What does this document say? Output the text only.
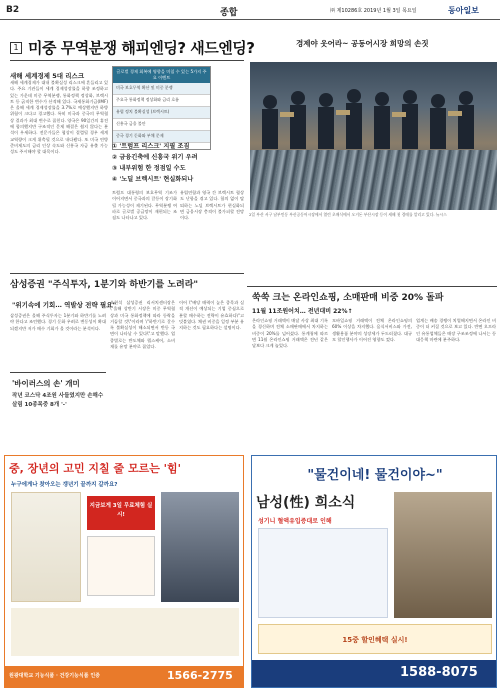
B2	종합	㈜ 제10286호 2019년 1월 3일 목요일	동아일보
1 미중 무역분쟁 해피엔딩? 새드엔딩?
새해 세계경제 5대 리스크
새해 세계경제가 대내 불확실성 리스크에 흔들리고 있다. 주요 기관들이 세계 경제성장률을 하향 조정하고 있는 가운데 미중 무역분쟁, 통화정책 정상화, 브렉시트 등 굵직한 변수가 산적해 있다. 국제통화기금(IMF)은 올해 세계 경제성장률을 3.7%로 예상했지만 하방 위험이 크다고 경고했다. 특히 미국과 중국의 무역협상 결과가 최대 변수로 꼽힌다. 양국은 90일간의 휴전에 합의했지만 구조적인 문제 해결은 쉽지 않다는 분석이 우세하다. 전문가들은 협상이 결렬될 경우 세계 교역량이 크게 위축될 것으로 내다봤다. 또 미국 연방준비제도의 금리 인상 속도와 신흥국 자금 유출 가능성도 주시해야 할 대목이다.
글로벌 경제 회복에 영향을 미칠 수 있는 5가지 주요 이벤트
미국 보호무역 확산 및 미중 분쟁
주요국 통화정책 정상화와 금리 흐름
유럽 정치 불확실성 (브렉시트)
신흥국 금융 불안
중국 경기 둔화와 부채 문제
① '트럼프 리스크' 지필 조짐
② 금융긴축에 신흥국 위기 우려
③ 내부위험 한 정점일 수도
④ '노딜 브렉시트' 현실화되나
트럼프 대통령의 보호무역 기조가 이어지면서 중국과의 갈등이 장기화될 가능성이 제기된다. 무역분쟁 여파로 글로벌 공급망이 재편되는 조짐도 나타나고 있다.
유럽연합과 영국 간 브렉시트 협상도 난항을 겪고 있다. 합의 없이 탈퇴하는 노딜 브렉시트가 현실화되면 금융시장 충격이 불가피할 전망이다.
경제야 웃어라~ 공동어시장 희망의 손짓
2일 부산 서구 남부민동 부산공동어시장에서 열린 초매식에서 오거돈 부산시장 등이 새해 첫 경매를 알리고 있다. 뉴시스
삼성증권 "주식투자, 1분기와 하반기를 노려라"
"위기속에 기회… 역발상 전략 필요"
삼성증권은 올해 주식투자는 1분기와 하반기를 노려야 한다고 조언했다. 경기 둔화 우려로 변동성이 확대되겠지만 저가 매수 기회가 올 것이라는 분석이다.
오현석 삼성증권 리서치센터장은 \"올해 상반기 시장은 미중 무역협상과 미국 통화정책에 따라 등락을 거듭할 것\"이라며 \"하반기로 갈수록 불확실성이 해소되면서 반등 국면이 나타날 수 있다\"고 말했다. 업종별로는 반도체와 헬스케어, 소비재를 유망 분야로 꼽았다.
이어 \"배당 매력이 높은 종목과 실적 개선이 예상되는 기업 중심으로 분할 매수하는 전략이 유효하다\"고 덧붙였다. 채권 비중을 일정 부분 유지하는 것도 필요하다는 설명이다.
'바이러스의 손' 개미
작년 코스닥 4조원 사들였지만 손해수 살림 10종목중 8개 '-'
쑥쑥 크는 온라인쇼핑, 소매판매 비중 20% 돌파
11월 11조원어치… 전년대비 22%↑
온라인쇼핑 거래액이 매달 사상 최대 기록을 경신하며 전체 소매판매에서 차지하는 비중이 20%를 넘어섰다. 통계청에 따르면 11월 온라인쇼핑 거래액은 전년 같은 달보다 크게 늘었다.
모바일쇼핑 거래액이 전체 온라인쇼핑의 60% 이상을 차지했다. 음식서비스와 가전, 생활용품 분야의 성장세가 두드러졌다. 대규모 할인행사가 이어진 영향도 컸다.
업계는 배송 경쟁이 치열해지면서 온라인 비중이 더 커질 것으로 보고 있다. 반면 오프라인 유통업체들은 매장 구조조정에 나서는 등 대응책 마련에 분주하다.
중, 장년의 고민 지칠 줄 모르는 '힘'
누구에게나 찾아오는 갱년기 끝까지 갈까요?
지금보게 3일 무료체험 실시!
원광대학교 기능식품 · 건강기능식품 인증	1566-2775
"물건이네! 물건이야~"
남성(性) 희소식
성기니 혈액유입증대로 인해
15중 할인혜택 실시!
1588-8075
